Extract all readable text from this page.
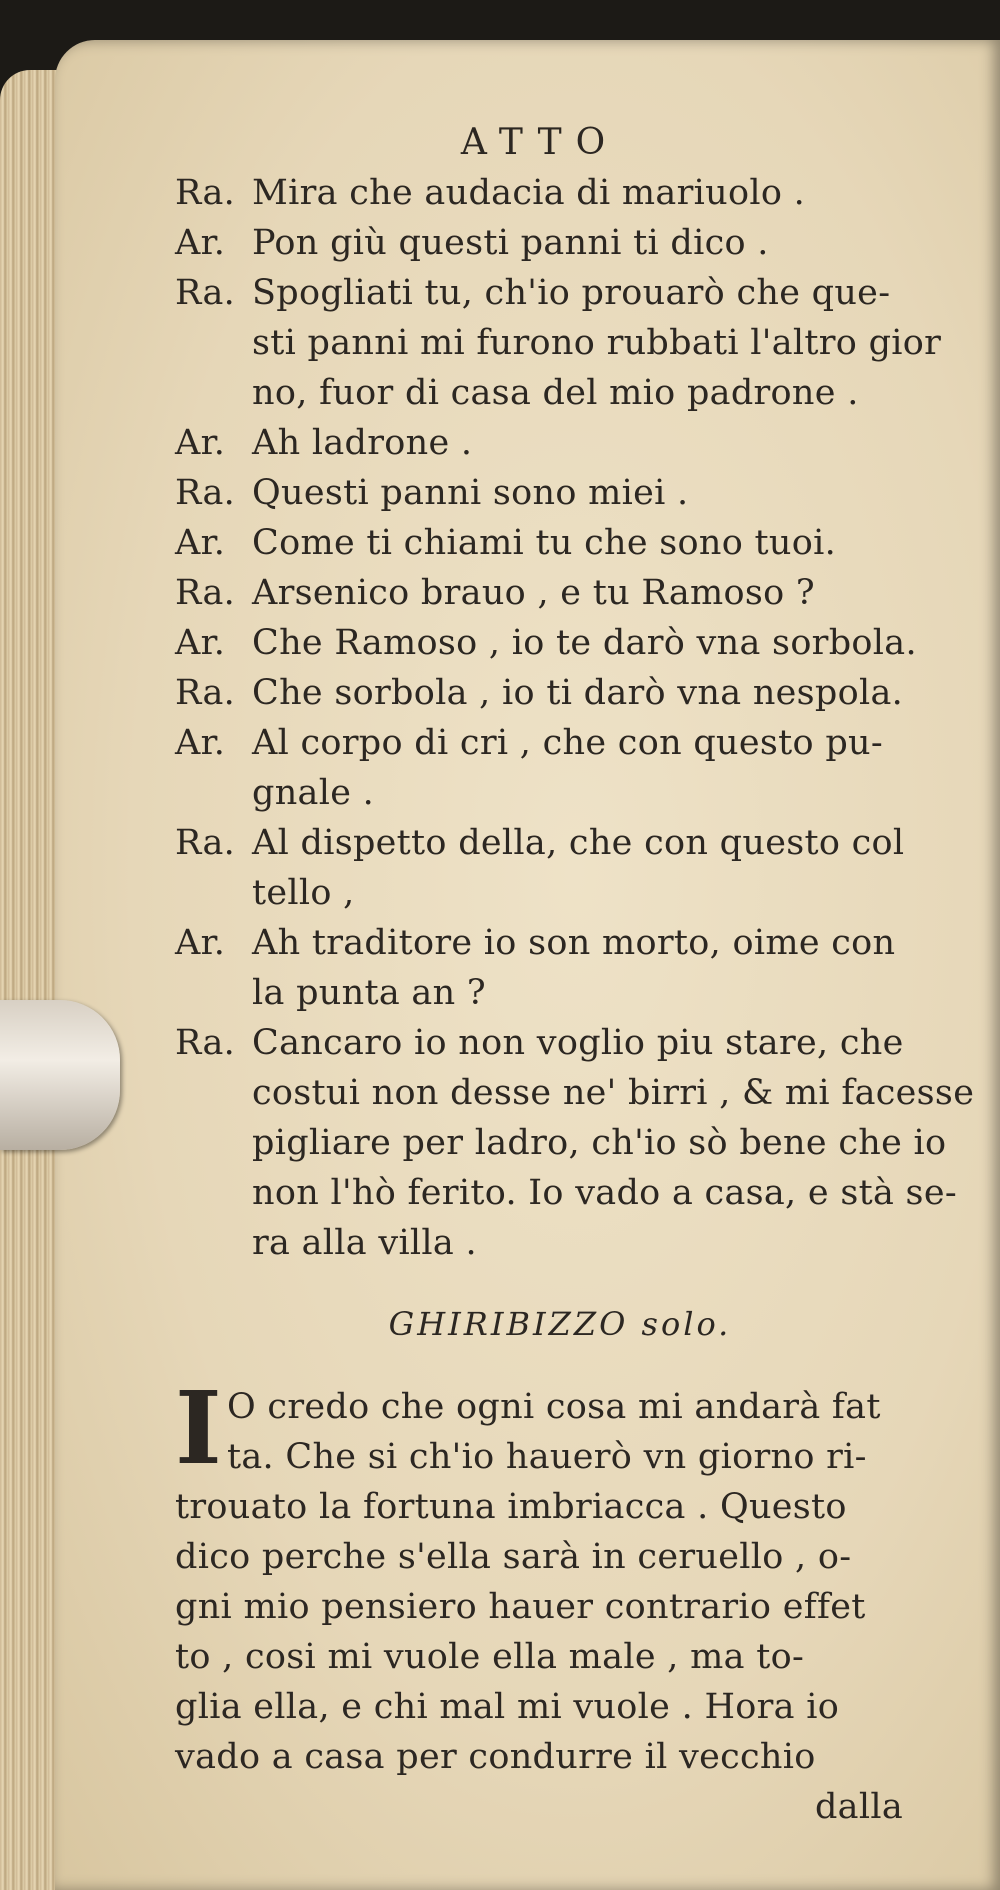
ATTO
Ra. Mira che audacia di mariuolo .
Ar. Pon giù questi panni ti dico .
Ra. Spogliati tu, ch'io prouarò che que-
sti panni mi furono rubbati l'altro gior
no, fuor di casa del mio padrone .
Ar. Ah ladrone .
Ra. Questi panni sono miei .
Ar. Come ti chiami tu che sono tuoi.
Ra. Arsenico brauo , e tu Ramoso ?
Ar. Che Ramoso , io te darò vna sorbola.
Ra. Che sorbola , io ti darò vna nespola.
Ar. Al corpo di cri , che con questo pu-
gnale .
Ra. Al dispetto della, che con questo col
tello ,
Ar. Ah traditore io son morto, oime con
la punta an ?
Ra. Cancaro io non voglio piu stare, che
costui non desse ne' birri , & mi facesse
pigliare per ladro, ch'io sò bene che io
non l'hò ferito. Io vado a casa, e stà se-
ra alla villa .
GHIRIBIZZO solo.
I O credo che ogni cosa mi andarà fat
ta. Che si ch'io hauerò vn giorno ri-
trouato la fortuna imbriacca . Questo
dico perche s'ella sarà in ceruello , o-
gni mio pensiero hauer contrario effet
to , cosi mi vuole ella male , ma to-
glia ella, e chi mal mi vuole . Hora io
vado a casa per condurre il vecchio
dalla
